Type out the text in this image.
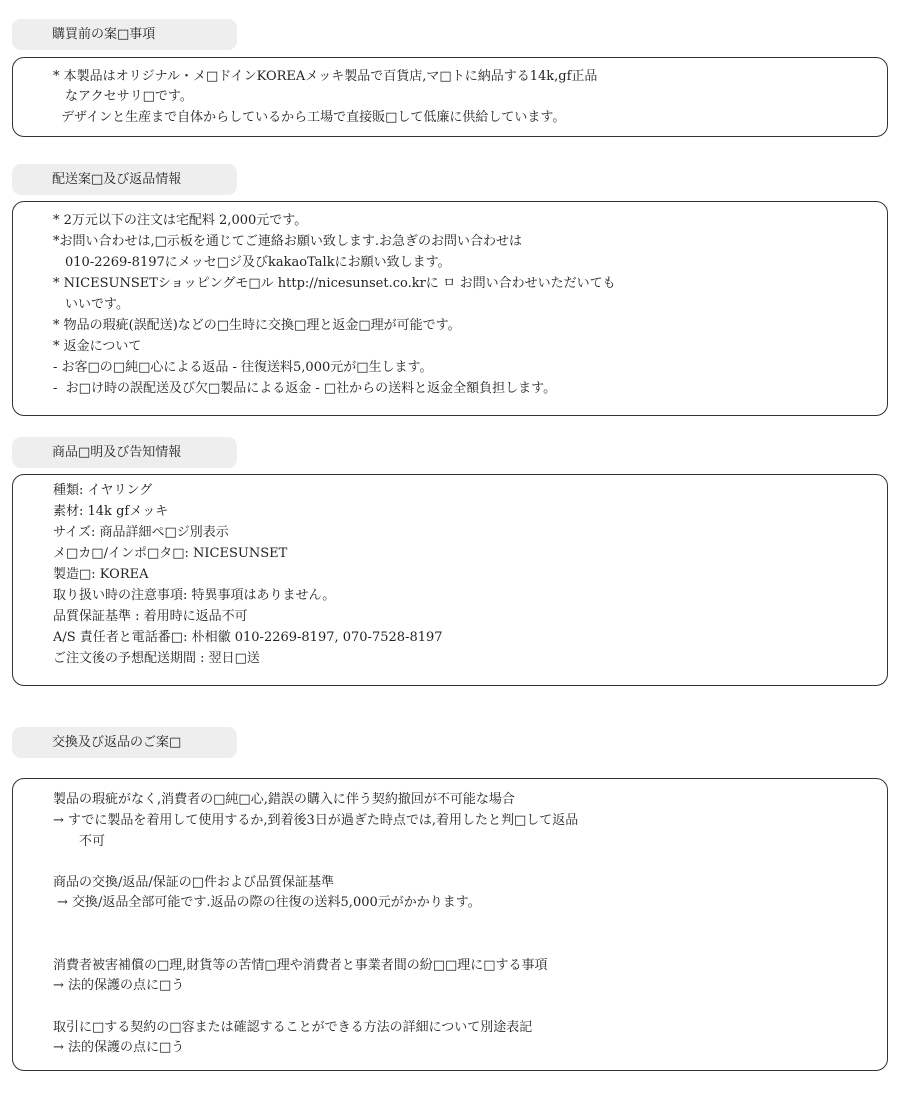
購買前の案□事項
* 本製品はオリジナル・メ□ドインKOREAメッキ製品で百貨店,マ□トに納品する14k,gf正品
なアクセサリ□です。
デザインと生産まで自体からしているから工場で直接販□して低廉に供給しています。
配送案□及び返品情報
* 2万元以下の注文は宅配料 2,000元です。
*お問い合わせは,□示板を通じてご連絡お願い致します.お急ぎのお問い合わせは
010-2269-8197にメッセ□ジ及びkakaoTalkにお願い致します。
* NICESUNSETショッピングモ□ル http://nicesunset.co.krに ㅁ お問い合わせいただいても
いいです。
* 物品の瑕疵(誤配送)などの□生時に交換□理と返金□理が可能です。
* 返金について
- お客□の□純□心による返品 - 往復送料5,000元が□生します。
-  お□け時の誤配送及び欠□製品による返金 - □社からの送料と返金全額負担します。
商品□明及び告知情報
種類: イヤリング
素材: 14k gfメッキ
サイズ: 商品詳細ペ□ジ別表示
メ□カ□/インポ□タ□: NICESUNSET
製造□: KOREA
取り扱い時の注意事項: 特異事項はありません。
品質保証基準 : 着用時に返品不可
A/S 責任者と電話番□: 朴相徽 010-2269-8197, 070-7528-8197
ご注文後の予想配送期間 : 翌日□送
交換及び返品のご案□
製品の瑕疵がなく,消費者の□純□心,錯誤の購入に伴う契約撤回が不可能な場合
→ すでに製品を着用して使用するか,到着後3日が過ぎた時点では,着用したと判□して返品
不可
商品の交換/返品/保証の□件および品質保証基準
→ 交換/返品全部可能です.返品の際の往復の送料5,000元がかかります。
消費者被害補償の□理,財貨等の苦情□理や消費者と事業者間の紛□□理に□する事項
→ 法的保護の点に□う
取引に□する契約の□容または確認することができる方法の詳細について別途表記
→ 法的保護の点に□う
